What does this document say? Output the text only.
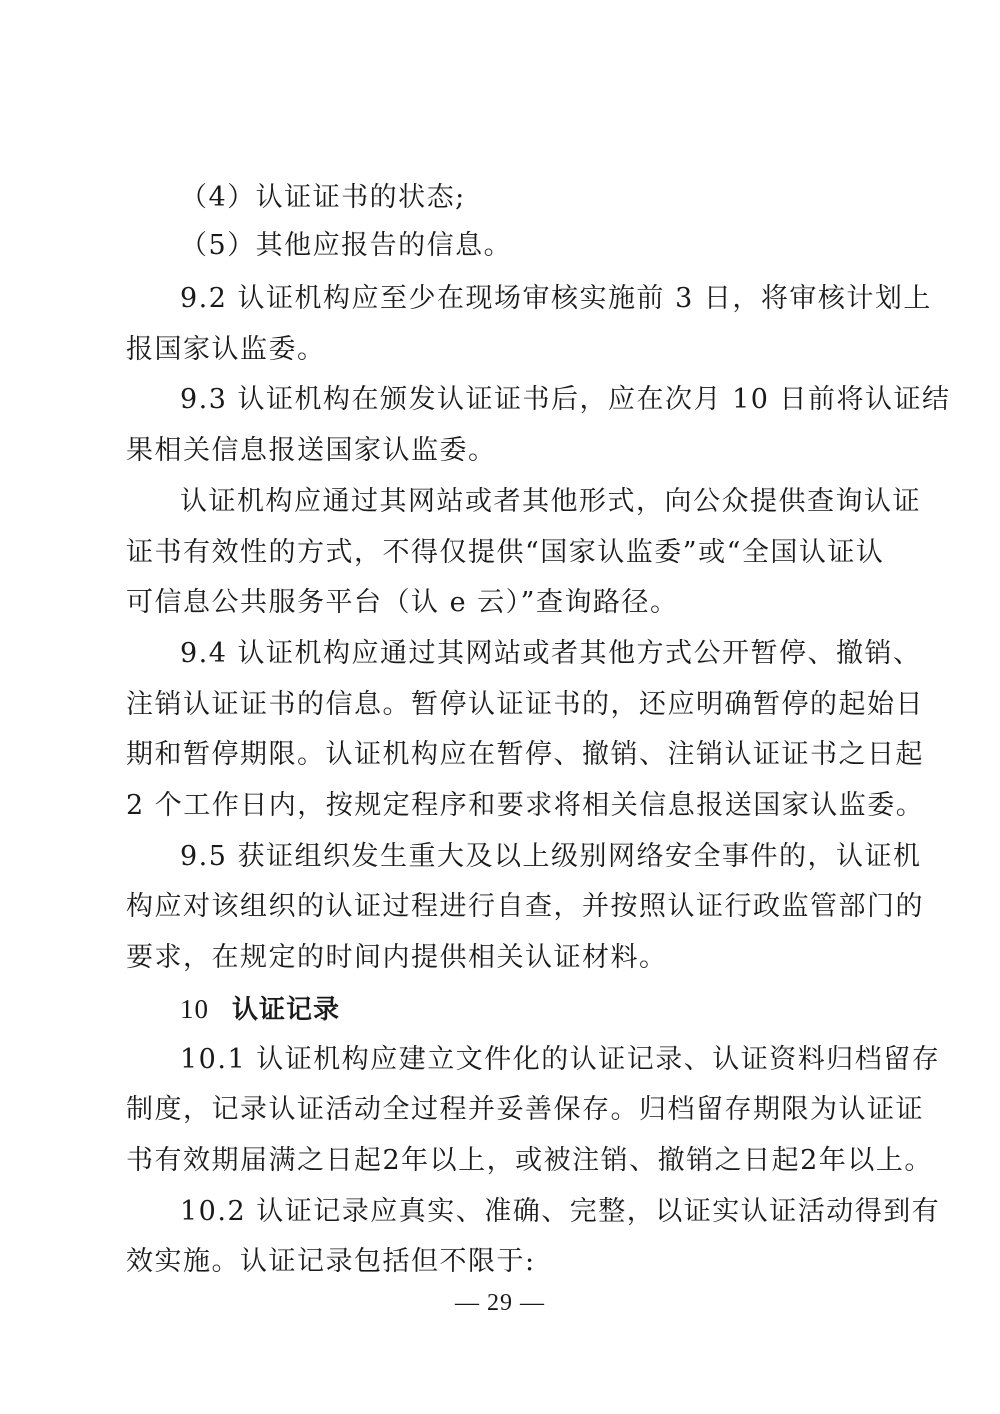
（4）认证证书的状态;
（5）其他应报告的信息。
9.2 认证机构应至少在现场审核实施前 3 日，将审核计划上
报国家认监委。
9.3 认证机构在颁发认证证书后，应在次月 10 日前将认证结
果相关信息报送国家认监委。
认证机构应通过其网站或者其他形式，向公众提供查询认证
证书有效性的方式，不得仅提供“国家认监委”或“全国认证认
可信息公共服务平台（认 e 云）”查询路径。
9.4 认证机构应通过其网站或者其他方式公开暂停、撤销、
注销认证证书的信息。暂停认证证书的，还应明确暂停的起始日
期和暂停期限。认证机构应在暂停、撤销、注销认证证书之日起
2 个工作日内，按规定程序和要求将相关信息报送国家认监委。
9.5 获证组织发生重大及以上级别网络安全事件的，认证机
构应对该组织的认证过程进行自查，并按照认证行政监管部门的
要求，在规定的时间内提供相关认证材料。
10 认证记录
10.1 认证机构应建立文件化的认证记录、认证资料归档留存
制度，记录认证活动全过程并妥善保存。归档留存期限为认证证
书有效期届满之日起2年以上，或被注销、撤销之日起2年以上。
10.2 认证记录应真实、准确、完整，以证实认证活动得到有
效实施。认证记录包括但不限于:
— 29 —
